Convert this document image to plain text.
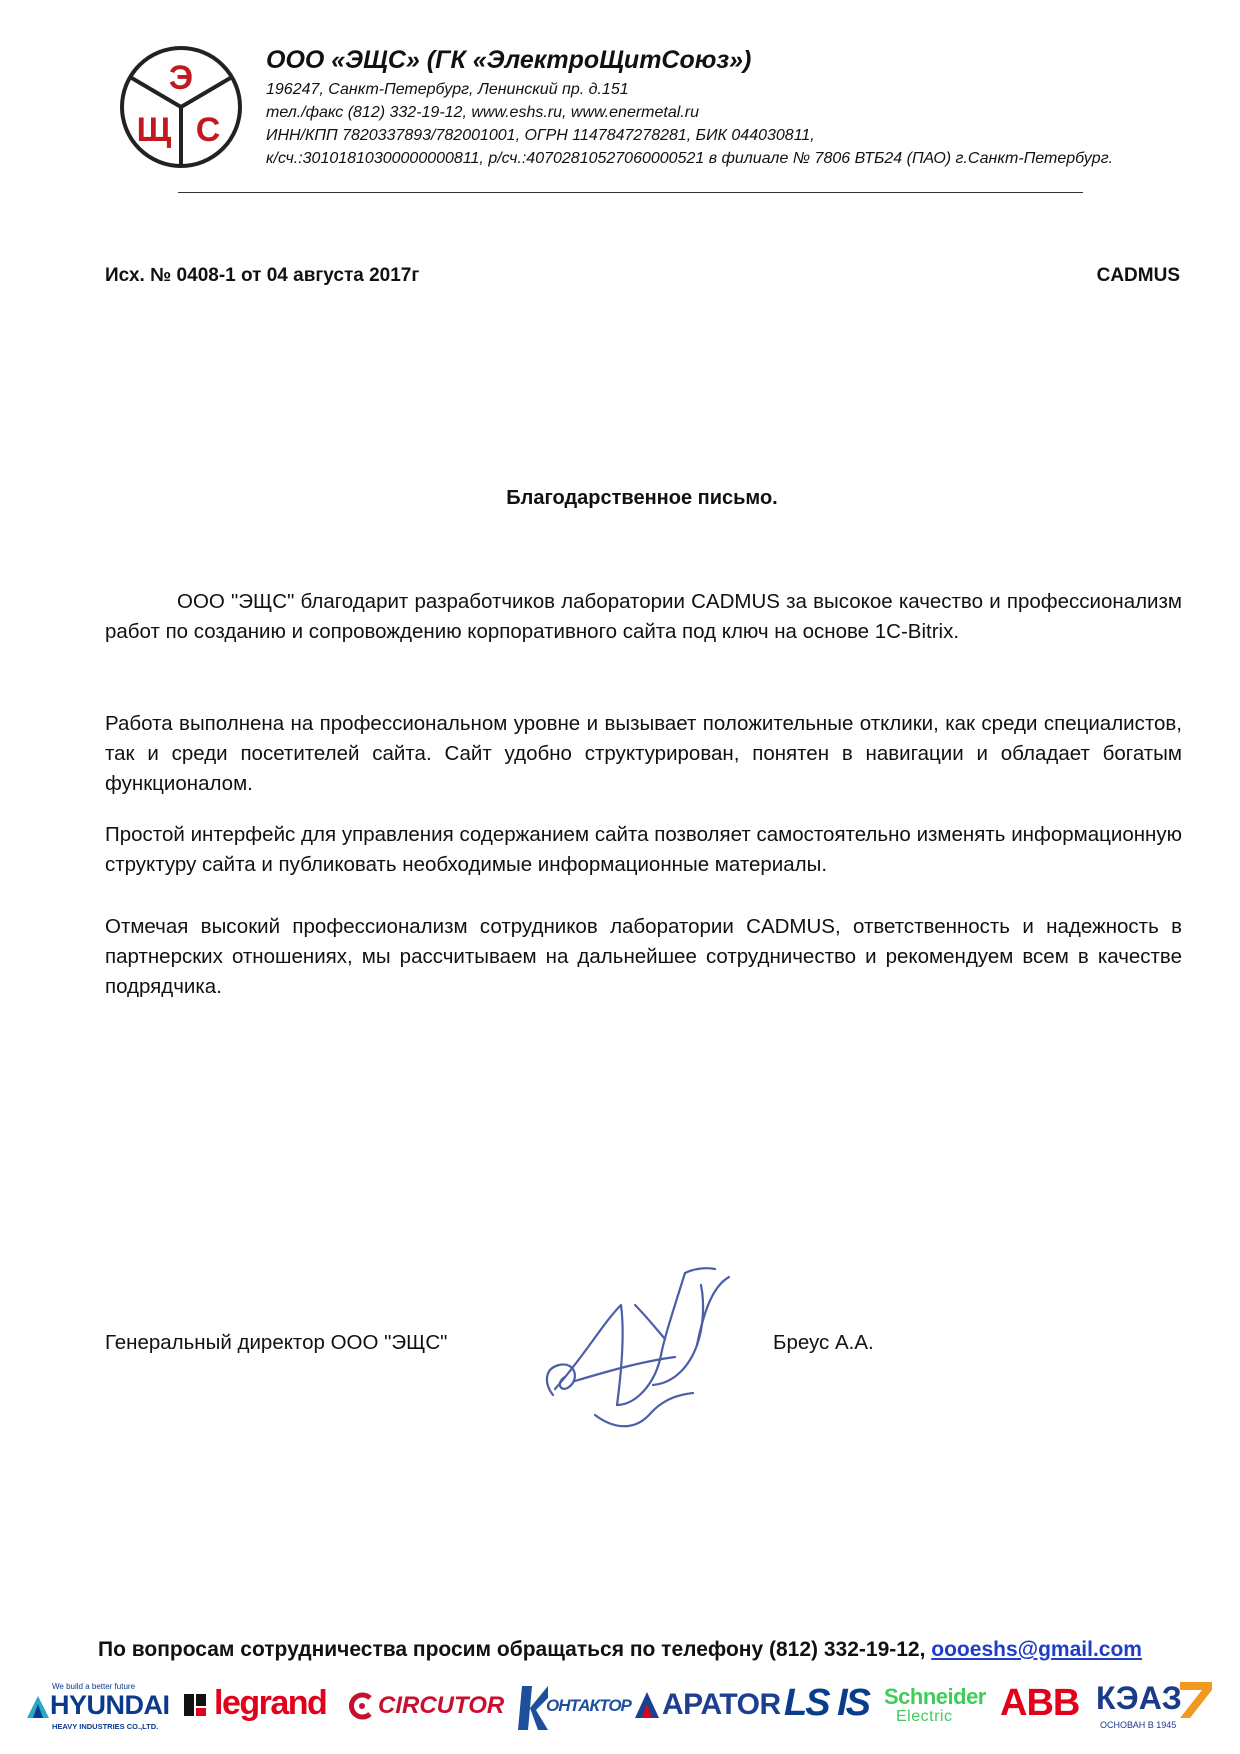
Э
Щ С
ООО «ЭЩС» (ГК «ЭлектроЩитСоюз»)
196247, Санкт-Петербург, Ленинский пр. д.151
тел./факс (812) 332-19-12, www.eshs.ru, www.enermetal.ru
ИНН/КПП 7820337893/782001001, ОГРН 1147847278281, БИК 044030811,
к/сч.:30101810300000000811, р/сч.:40702810527060000521 в филиале № 7806 ВТБ24 (ПАО) г.Санкт-Петербург.
Исх. № 0408-1 от 04 августа 2017г	CADMUS
Благодарственное письмо.
ООО "ЭЩС" благодарит разработчиков лаборатории CADMUS за высокое качество и профессионализм работ по созданию и сопровождению корпоративного сайта под ключ на основе 1С-Bitrix.
Работа выполнена на профессиональном уровне и вызывает положительные отклики, как среди специалистов, так и среди посетителей сайта. Сайт удобно структурирован, понятен в навигации и обладает богатым функционалом.
Простой интерфейс для управления содержанием сайта позволяет самостоятельно изменять информационную структуру сайта и публиковать необходимые информационные материалы.
Отмечая высокий профессионализм сотрудников лаборатории CADMUS, ответственность и надежность в партнерских отношениях, мы рассчитываем на дальнейшее сотрудничество и рекомендуем всем в качестве подрядчика.
Генеральный директор ООО "ЭЩС"	Бреус А.А.
По вопросам сотрудничества просим обращаться по телефону (812) 332-19-12, oooeshs@gmail.com
We build a better future
HYUNDAI
HEAVY INDUSTRIES CO.,LTD.
legrand CIRCUTOR ОНТАКТОР APATOR LS IS Schneider
Electric ABB КЭАЗ
ОСНОВАН В 1945
